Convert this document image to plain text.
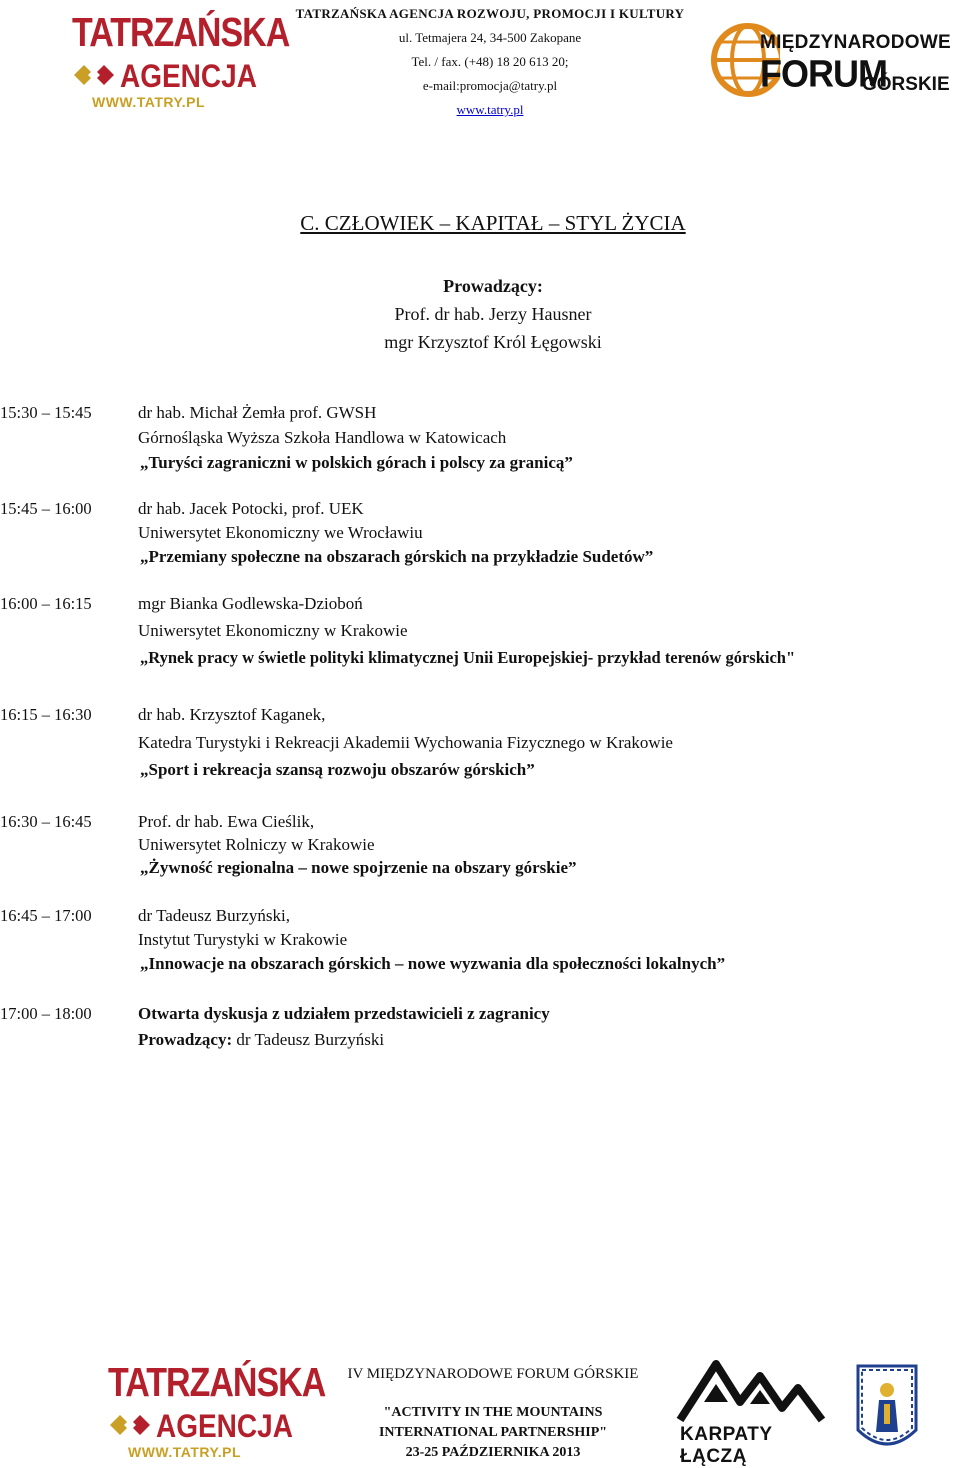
TATRZAŃSKA
AGENCJA
WWW.TATRY.PL
TATRZAŃSKA AGENCJA ROZWOJU, PROMOCJI I KULTURY
ul. Tetmajera 24, 34-500 Zakopane
Tel. / fax. (+48) 18 20 613 20;
e-mail:promocja@tatry.pl
www.tatry.pl
MIĘDZYNARODOWE
FORUM
GÓRSKIE
C. CZŁOWIEK – KAPITAŁ – STYL ŻYCIA
Prowadzący:
Prof. dr hab. Jerzy Hausner
mgr Krzysztof Król Łęgowski
15:30 – 15:45	dr hab. Michał Żemła prof. GWSH
Górnośląska Wyższa Szkoła Handlowa w Katowicach
„Turyści zagraniczni w polskich górach i polscy za granicą”
15:45 – 16:00	dr hab. Jacek Potocki, prof. UEK
Uniwersytet Ekonomiczny we Wrocławiu
„Przemiany społeczne na obszarach górskich na przykładzie Sudetów”
16:00 – 16:15	mgr Bianka Godlewska-Dzioboń
Uniwersytet Ekonomiczny w Krakowie
„Rynek pracy w świetle polityki klimatycznej Unii Europejskiej- przykład terenów górskich"
16:15 – 16:30	dr hab. Krzysztof Kaganek,
Katedra Turystyki i Rekreacji Akademii Wychowania Fizycznego w Krakowie
„Sport i rekreacja szansą rozwoju obszarów górskich”
16:30 – 16:45	Prof. dr hab. Ewa Cieślik,
Uniwersytet Rolniczy w Krakowie
„Żywność regionalna – nowe spojrzenie na obszary górskie”
16:45 – 17:00	dr Tadeusz Burzyński,
Instytut Turystyki w Krakowie
„Innowacje na obszarach górskich – nowe wyzwania dla społeczności lokalnych”
17:00 – 18:00	Otwarta dyskusja z udziałem przedstawicieli z zagranicy
Prowadzący: dr Tadeusz Burzyński
TATRZAŃSKA
AGENCJA
WWW.TATRY.PL
IV MIĘDZYNARODOWE FORUM GÓRSKIE
"ACTIVITY IN THE MOUNTAINS
INTERNATIONAL PARTNERSHIP"
23-25 PAŹDZIERNIKA 2013
KARPATY ŁĄCZĄ
